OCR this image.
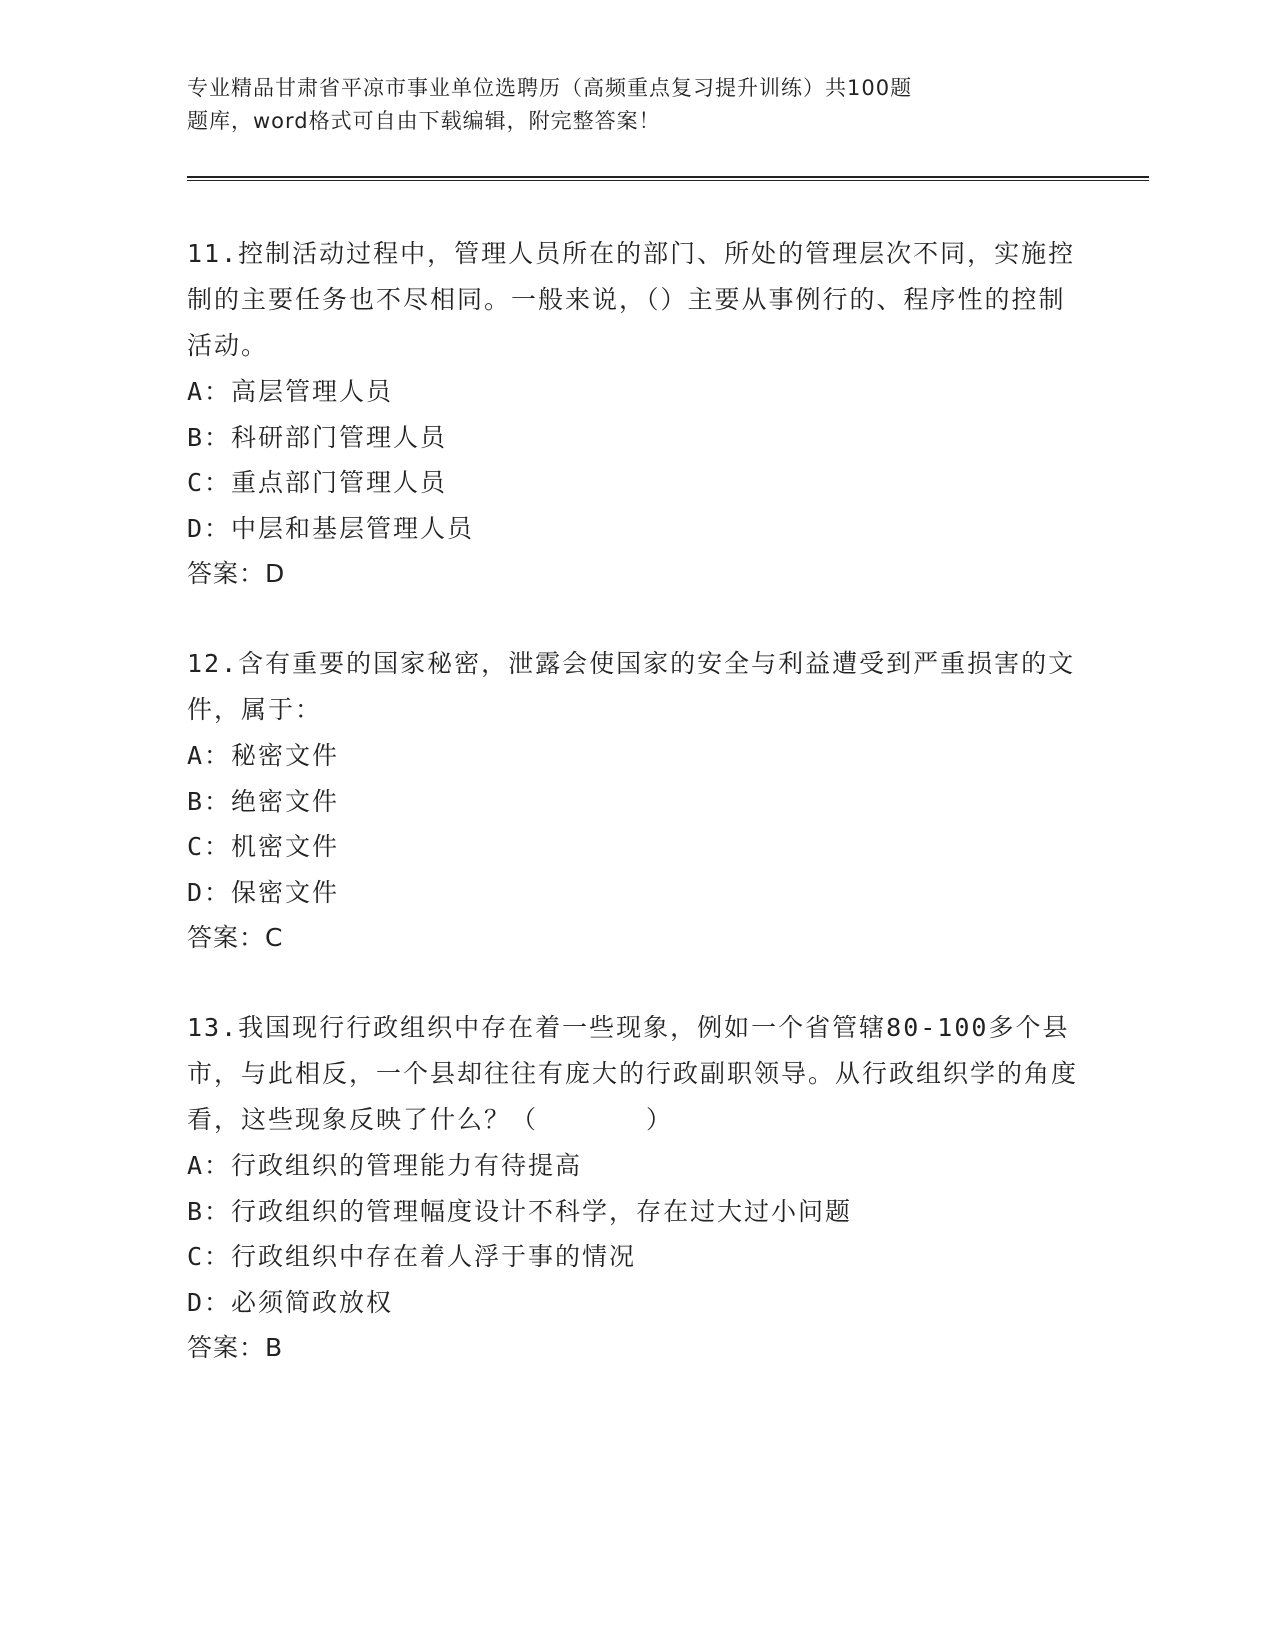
专业精品甘肃省平凉市事业单位选聘历（高频重点复习提升训练）共100题
题库，word格式可自由下载编辑，附完整答案！

11.控制活动过程中，管理人员所在的部门、所处的管理层次不同，实施控制的主要任务也不尽相同。一般来说，（）主要从事例行的、程序性的控制活动。

A：高层管理人员
B：科研部门管理人员
C：重点部门管理人员
D：中层和基层管理人员
答案：D

12.含有重要的国家秘密，泄露会使国家的安全与利益遭受到严重损害的文件，属于：

A：秘密文件
B：绝密文件
C：机密文件
D：保密文件
答案：C

13.我国现行行政组织中存在着一些现象，例如一个省管辖80-100多个县市，与此相反，一个县却往往有庞大的行政副职领导。从行政组织学的角度看，这些现象反映了什么？（　　　　）

A：行政组织的管理能力有待提高
B：行政组织的管理幅度设计不科学，存在过大过小问题
C：行政组织中存在着人浮于事的情况
D：必须简政放权
答案：B
